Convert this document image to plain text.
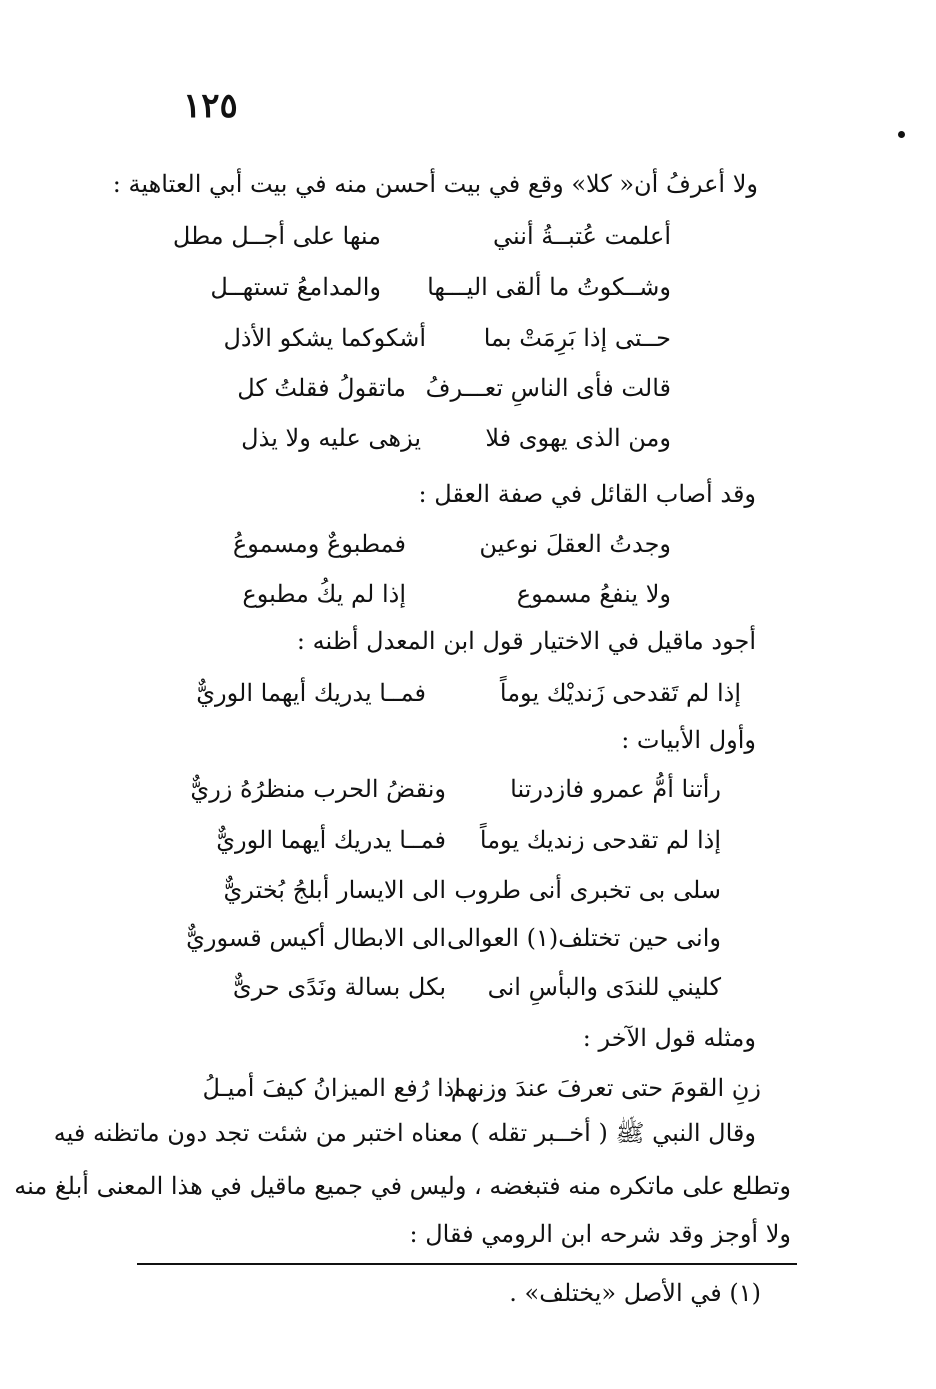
١٢٥
ولا أعرفُ أن« كلا» وقع في بيت أحسن منه في بيت أبي العتاهية :
أعلمت عُتبــةُ أنني
منها على أجــل مطل
وشــكوتُ ما ألقى اليـــها
والمدامعُ تستهــل
حــتى إذا بَرِمَتْ بما
أشكوكما يشكو الأذل
قالت فأى الناسِ تعـــرفُ
ماتقولُ فقلتُ كل
ومن الذى يهوى فلا
يزهى عليه ولا يذل
وقد أصاب القائل في صفة العقل :
وجدتُ العقلَ نوعين
فمطبوعٌ ومسموعُ
ولا ينفعُ مسموع
إذا لم يكُ مطبوع
أجود ماقيل في الاختيار قول ابن المعدل أظنه :
إذا لم تَقدحى زَنديْك يوماً
فمــا يدريك أيهما الوريٌّ
وأول الأبيات :
رأتنا أمُّ عمرو فازدرتنا
ونقضُ الحرب منظرُهُ زريٌّ
إذا لم تقدحى زنديك يوماً
فمــا يدريك أيهما الوريٌّ
سلى بى تخبرى أنى طروب
الى الايسار أبلجُ بُختريٌّ
وانى حين تختلف(١) العوالى
الى الابطال أكيس قسوريٌّ
كليني للندَى والبأسِ انى
بكل بسالة ونَدًى حرىٌّ
ومثله قول الآخر :
زنِ القومَ حتى تعرفَ عندَ وزنهم
اذا رُفع الميزانُ كيفَ أميـلُ
وقال النبي ﷺ ( أخــبر تقله ) معناه اختبر من شئت تجد دون ماتظنه فيه
وتطلع على ماتكره منه فتبغضه ، وليس في جميع ماقيل في هذا المعنى أبلغ منه
ولا أوجز وقد شرحه ابن الرومي فقال :
(١) في الأصل «يختلف» .
